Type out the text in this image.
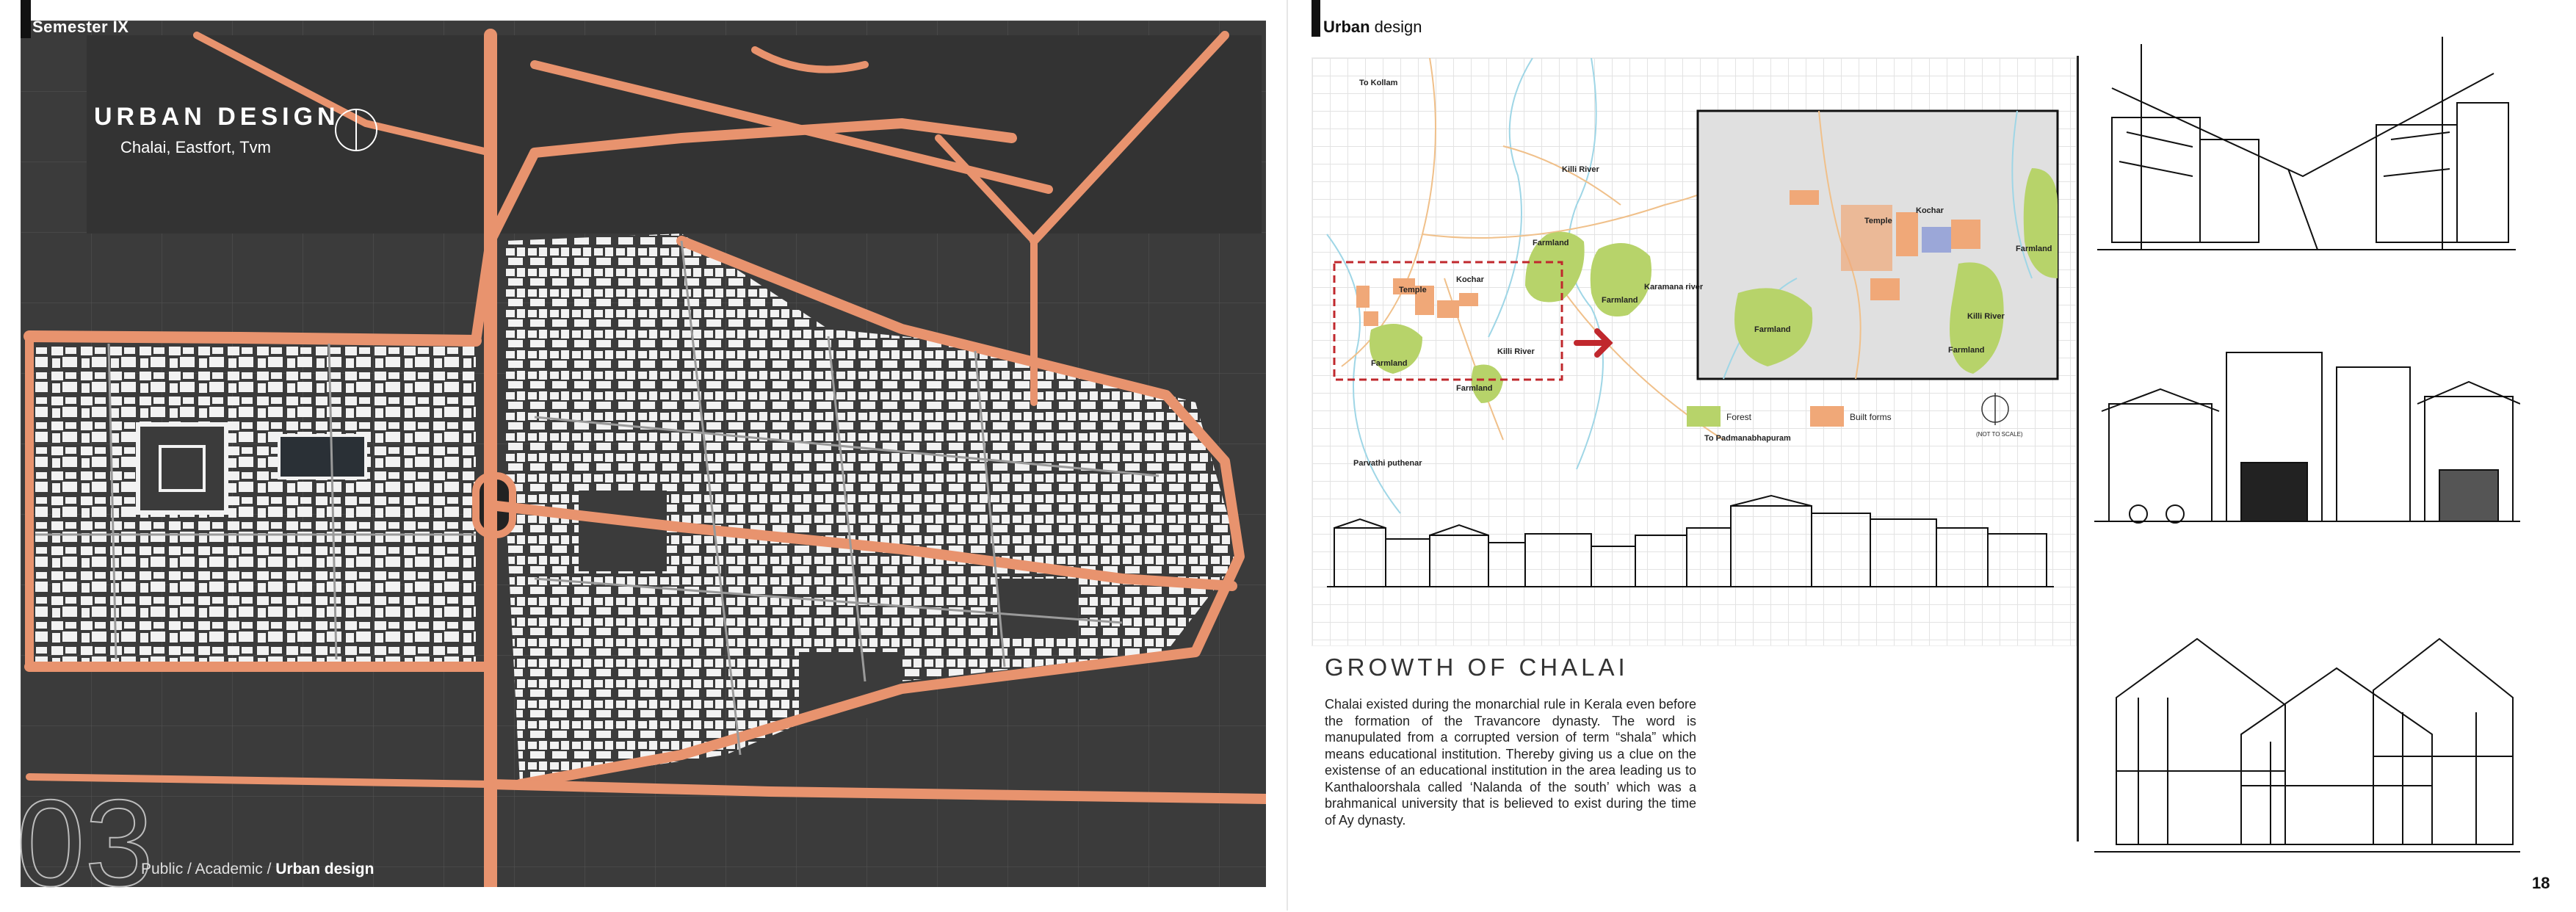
Semester IX
URBAN DESIGN
Chalai, Eastfort, Tvm
03
Public / Academic / Urban design
Urban design
To Kollam
Killi River
Farmland
Kochar
Temple
Farmland
Killi River
Farmland
Farmland
Karamana river
To Padmanabhapuram
Parvathi puthenar
(NOT TO SCALE)
Temple
Kochar
Farmland
Killi River
Farmland
Farmland
Forest	Built forms
GROWTH OF CHALAI
Chalai existed during the monarchial rule in Kerala even before the formation of the Travancore dynasty. The word is manupulated from a corrupted version of term “shala” which means educational institution. Thereby giving us a clue on the existense of an educational institution in the area leading us to Kanthaloorshala called ‘Nalanda of the south’ which was a brahmanical university that is believed to exist during the time of Ay dynasty.
18
